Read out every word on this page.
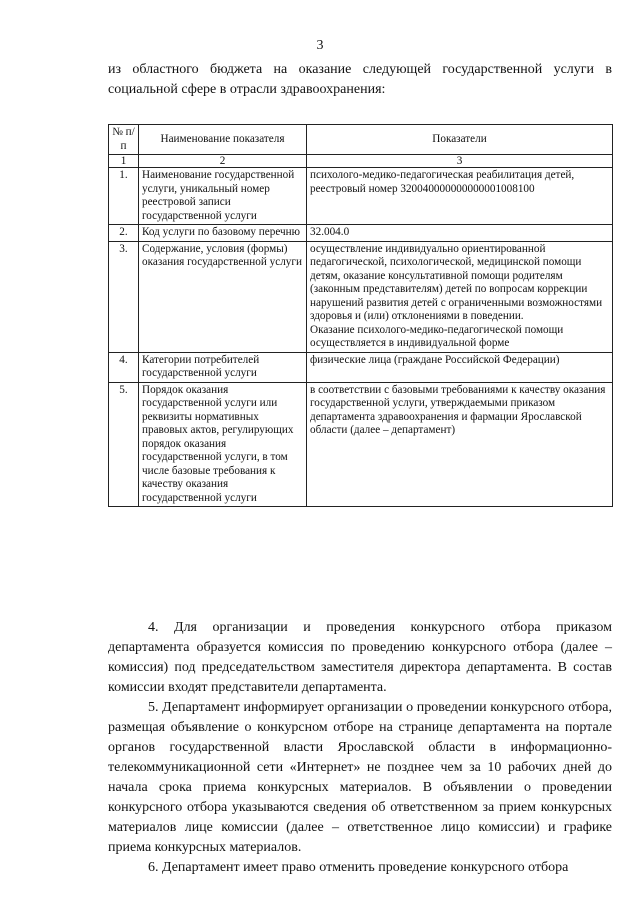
3
из областного бюджета на оказание следующей государственной услуги в социальной сфере в отрасли здравоохранения:
№ п/п	Наименование показателя	Показатели
1	2	3
1.	Наименование государственной услуги, уникальный номер реестровой записи государственной услуги	психолого-медико-педагогическая реабилитация детей, реестровый номер 320040000000000001008100
2.	Код услуги по базовому перечню	32.004.0
3.	Содержание, условия (формы) оказания государственной услуги	осуществление индивидуально ориентированной педагогической, психологической, медицинской помощи детям, оказание консультативной помощи родителям (законным представителям) детей по вопросам коррекции нарушений развития детей с ограниченными возможностями здоровья и (или) отклонениями в поведении.
Оказание психолого-медико-педагогической помощи осуществляется в индивидуальной форме

4.	Категории потребителей государственной услуги	физические лица (граждане Российской Федерации)
5.	Порядок оказания государственной услуги или реквизиты нормативных правовых актов, регулирующих порядок оказания государственной услуги, в том числе базовые требования к качеству оказания государственной услуги	в соответствии с базовыми требованиями к качеству оказания государственной услуги, утверждаемыми приказом департамента здравоохранения и фармации Ярославской области (далее – департамент)

4. Для организации и проведения конкурсного отбора приказом департамента образуется комиссия по проведению конкурсного отбора (далее – комиссия) под председательством заместителя директора департамента. В состав комиссии входят представители департамента.

5. Департамент информирует организации о проведении конкурсного отбора, размещая объявление о конкурсном отборе на странице департамента на портале органов государственной власти Ярославской области в информационно-телекоммуникационной сети «Интернет» не позднее чем за 10 рабочих дней до начала срока приема конкурсных материалов. В объявлении о проведении конкурсного отбора указываются сведения об ответственном за прием конкурсных материалов лице комиссии (далее – ответственное лицо комиссии) и графике приема конкурсных материалов.

6. Департамент имеет право отменить проведение конкурсного отбора
